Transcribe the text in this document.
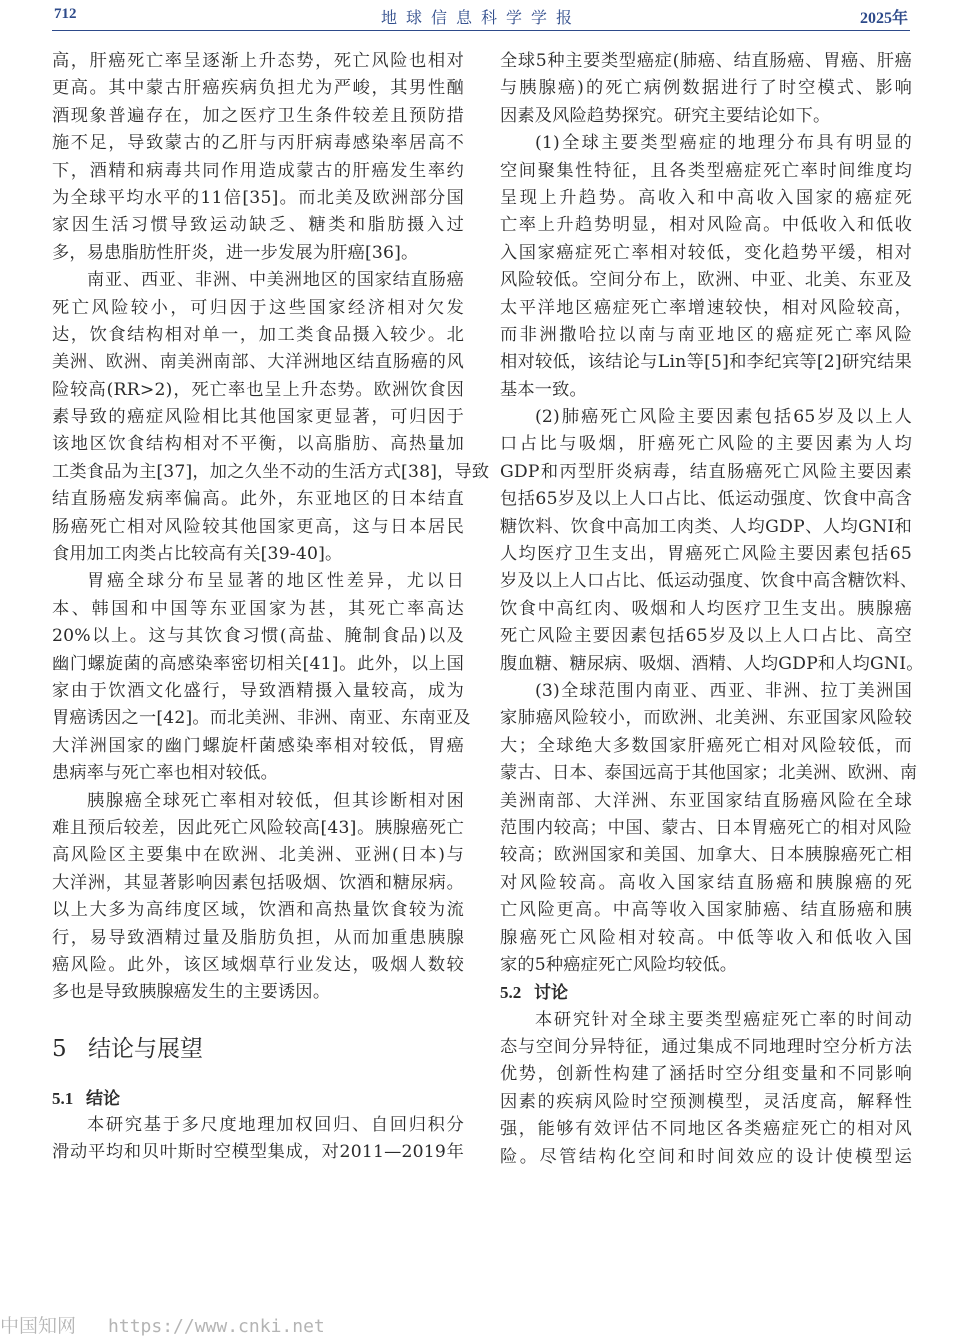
712	地球信息科学学报	2025年
高，肝癌死亡率呈逐渐上升态势，死亡风险也相对
更高。其中蒙古肝癌疾病负担尤为严峻，其男性酗
酒现象普遍存在，加之医疗卫生条件较差且预防措
施不足，导致蒙古的乙肝与丙肝病毒感染率居高不
下，酒精和病毒共同作用造成蒙古的肝癌发生率约
为全球平均水平的11倍[35]。而北美及欧洲部分国
家因生活习惯导致运动缺乏、糖类和脂肪摄入过
多，易患脂肪性肝炎，进一步发展为肝癌[36]。
南亚、西亚、非洲、中美洲地区的国家结直肠癌
死亡风险较小，可归因于这些国家经济相对欠发
达，饮食结构相对单一，加工类食品摄入较少。北
美洲、欧洲、南美洲南部、大洋洲地区结直肠癌的风
险较高(RR>2)，死亡率也呈上升态势。欧洲饮食因
素导致的癌症风险相比其他国家更显著，可归因于
该地区饮食结构相对不平衡，以高脂肪、高热量加
工类食品为主[37]，加之久坐不动的生活方式[38]，导致
结直肠癌发病率偏高。此外，东亚地区的日本结直
肠癌死亡相对风险较其他国家更高，这与日本居民
食用加工肉类占比较高有关[39-40]。
胃癌全球分布呈显著的地区性差异，尤以日
本、韩国和中国等东亚国家为甚，其死亡率高达
20%以上。这与其饮食习惯(高盐、腌制食品)以及
幽门螺旋菌的高感染率密切相关[41]。此外，以上国
家由于饮酒文化盛行，导致酒精摄入量较高，成为
胃癌诱因之一[42]。而北美洲、非洲、南亚、东南亚及
大洋洲国家的幽门螺旋杆菌感染率相对较低，胃癌
患病率与死亡率也相对较低。
胰腺癌全球死亡率相对较低，但其诊断相对困
难且预后较差，因此死亡风险较高[43]。胰腺癌死亡
高风险区主要集中在欧洲、北美洲、亚洲(日本)与
大洋洲，其显著影响因素包括吸烟、饮酒和糖尿病。
以上大多为高纬度区域，饮酒和高热量饮食较为流
行，易导致酒精过量及脂肪负担，从而加重患胰腺
癌风险。此外，该区域烟草行业发达，吸烟人数较
多也是导致胰腺癌发生的主要诱因。
5 结论与展望
5.1 结论
本研究基于多尺度地理加权回归、自回归积分
滑动平均和贝叶斯时空模型集成，对2011—2019年
全球5种主要类型癌症(肺癌、结直肠癌、胃癌、肝癌
与胰腺癌)的死亡病例数据进行了时空模式、影响
因素及风险趋势探究。研究主要结论如下。
(1)全球主要类型癌症的地理分布具有明显的
空间聚集性特征，且各类型癌症死亡率时间维度均
呈现上升趋势。高收入和中高收入国家的癌症死
亡率上升趋势明显，相对风险高。中低收入和低收
入国家癌症死亡率相对较低，变化趋势平缓，相对
风险较低。空间分布上，欧洲、中亚、北美、东亚及
太平洋地区癌症死亡率增速较快，相对风险较高，
而非洲撒哈拉以南与南亚地区的癌症死亡率风险
相对较低，该结论与Lin等[5]和李纪宾等[2]研究结果
基本一致。
(2)肺癌死亡风险主要因素包括65岁及以上人
口占比与吸烟，肝癌死亡风险的主要因素为人均
GDP和丙型肝炎病毒，结直肠癌死亡风险主要因素
包括65岁及以上人口占比、低运动强度、饮食中高含
糖饮料、饮食中高加工肉类、人均GDP、人均GNI和
人均医疗卫生支出，胃癌死亡风险主要因素包括65
岁及以上人口占比、低运动强度、饮食中高含糖饮料、
饮食中高红肉、吸烟和人均医疗卫生支出。胰腺癌
死亡风险主要因素包括65岁及以上人口占比、高空
腹血糖、糖尿病、吸烟、酒精、人均GDP和人均GNI。
(3)全球范围内南亚、西亚、非洲、拉丁美洲国
家肺癌风险较小，而欧洲、北美洲、东亚国家风险较
大；全球绝大多数国家肝癌死亡相对风险较低，而
蒙古、日本、泰国远高于其他国家；北美洲、欧洲、南
美洲南部、大洋洲、东亚国家结直肠癌风险在全球
范围内较高；中国、蒙古、日本胃癌死亡的相对风险
较高；欧洲国家和美国、加拿大、日本胰腺癌死亡相
对风险较高。高收入国家结直肠癌和胰腺癌的死
亡风险更高。中高等收入国家肺癌、结直肠癌和胰
腺癌死亡风险相对较高。中低等收入和低收入国
家的5种癌症死亡风险均较低。
5.2 讨论
本研究针对全球主要类型癌症死亡率的时间动
态与空间分异特征，通过集成不同地理时空分析方法
优势，创新性构建了涵括时空分组变量和不同影响
因素的疾病风险时空预测模型，灵活度高，解释性
强，能够有效评估不同地区各类癌症死亡的相对风
险。尽管结构化空间和时间效应的设计使模型运
中国知网 https://www.cnki.net
